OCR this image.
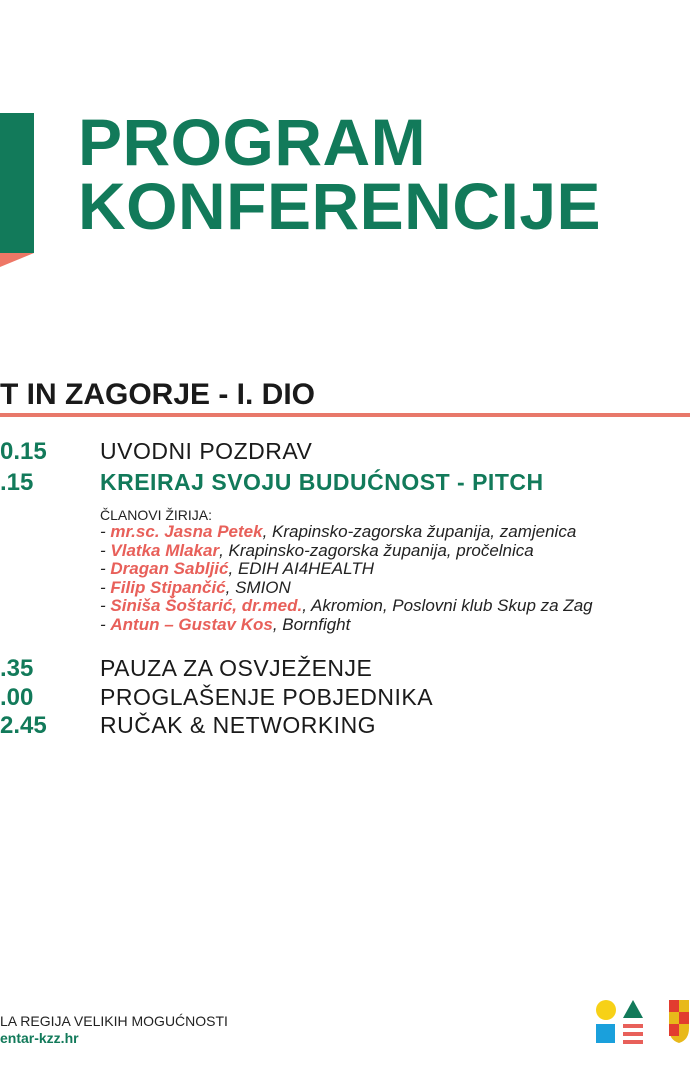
PROGRAM
KONFERENCIJE
T IN ZAGORJE - I. DIO
0.15 UVODNI POZDRAV
.15	KREIRAJ SVOJU BUDUĆNOST - PITCH
ČLANOVI ŽIRIJA:
- mr.sc. Jasna Petek, Krapinsko-zagorska županija, zamjenica
- Vlatka Mlakar, Krapinsko-zagorska županija, pročelnica
- Dragan Sabljić, EDIH AI4HEALTH
- Filip Stipančić, SMION
- Siniša Šoštarić, dr.med., Akromion, Poslovni klub Skup za Zag
- Antun – Gustav Kos, Bornfight
.35	PAUZA ZA OSVJEŽENJE
.00	PROGLAŠENJE POBJEDNIKA
2.45 RUČAK & NETWORKING
LA REGIJA VELIKIH MOGUĆNOSTI
entar-kzz.hr
